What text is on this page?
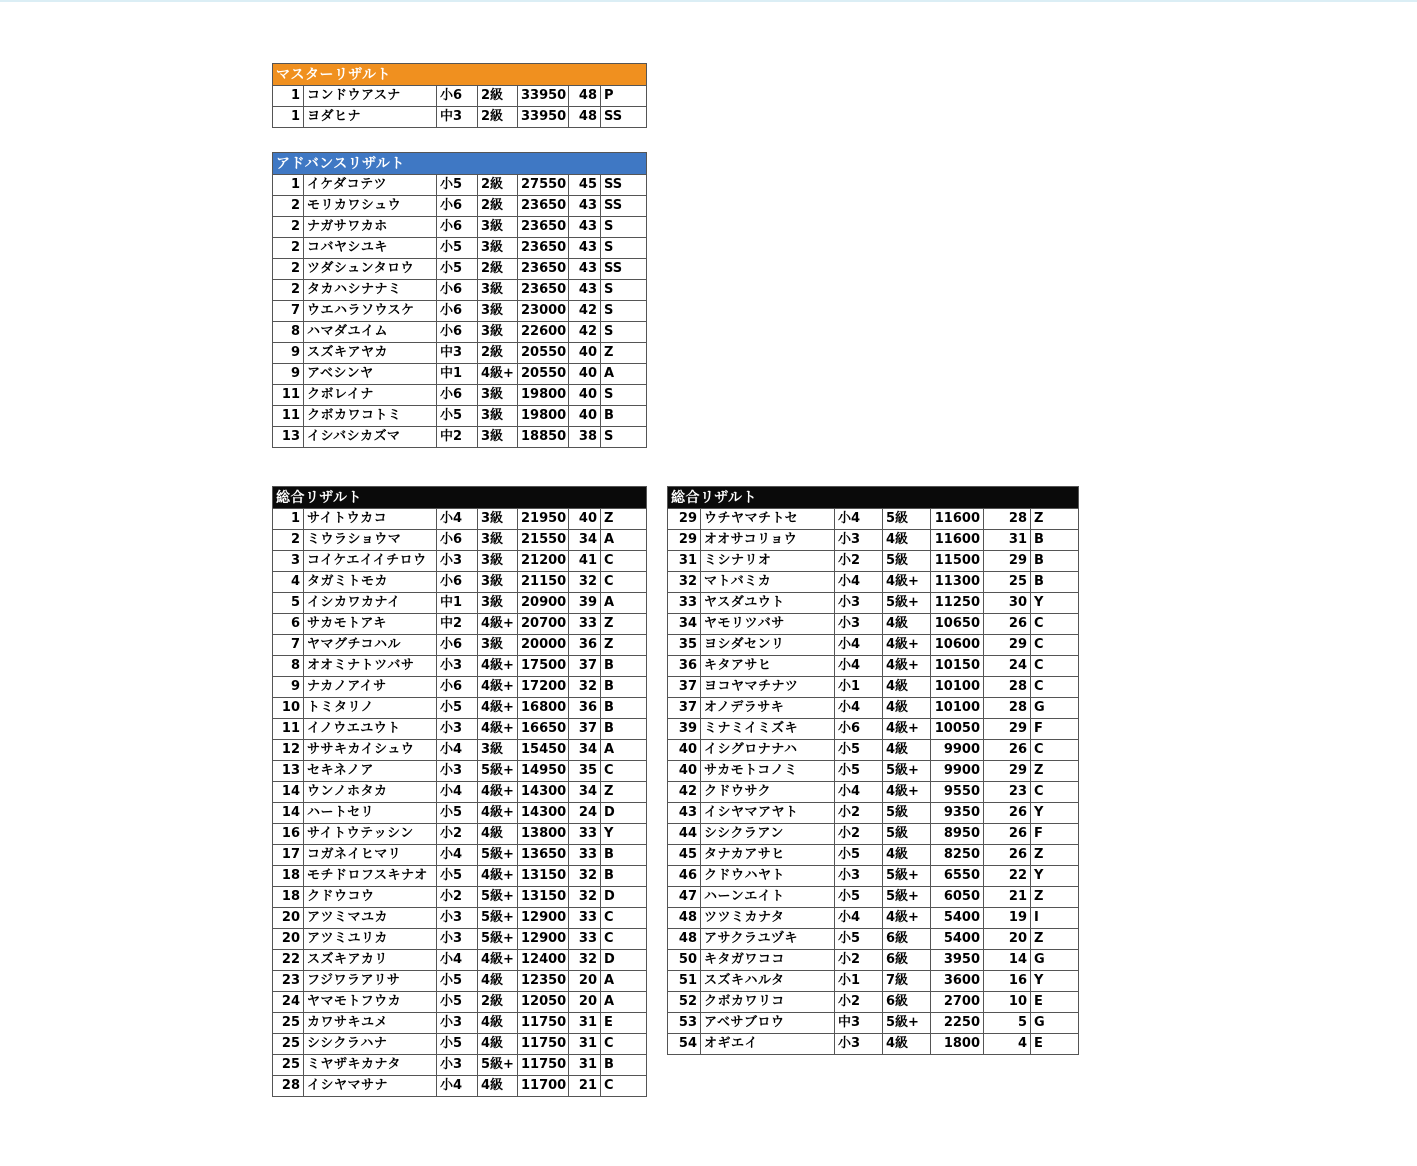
マスターリザルト						
1	コンドウアスナ	小6	2級	33950	48	P
1	ヨダヒナ	中3	2級	33950	48	SS
アドバンスリザルト						
1	イケダコテツ	小5	2級	27550	45	SS
2	モリカワシュウ	小6	2級	23650	43	SS
2	ナガサワカホ	小6	3級	23650	43	S
2	コバヤシユキ	小5	3級	23650	43	S
2	ツダシュンタロウ	小5	2級	23650	43	SS
2	タカハシナナミ	小6	3級	23650	43	S
7	ウエハラソウスケ	小6	3級	23000	42	S
8	ハマダユイム	小6	3級	22600	42	S
9	スズキアヤカ	中3	2級	20550	40	Z
9	アベシンヤ	中1	4級+	20550	40	A
11	クボレイナ	小6	3級	19800	40	S
11	クボカワコトミ	小5	3級	19800	40	B
13	イシバシカズマ	中2	3級	18850	38	S
総合リザルト						
1	サイトウカコ	小4	3級	21950	40	Z
2	ミウラショウマ	小6	3級	21550	34	A
3	コイケエイイチロウ	小3	3級	21200	41	C
4	タガミトモカ	小6	3級	21150	32	C
5	イシカワカナイ	中1	3級	20900	39	A
6	サカモトアキ	中2	4級+	20700	33	Z
7	ヤマグチコハル	小6	3級	20000	36	Z
8	オオミナトツバサ	小3	4級+	17500	37	B
9	ナカノアイサ	小6	4級+	17200	32	B
10	トミタリノ	小5	4級+	16800	36	B
11	イノウエユウト	小3	4級+	16650	37	B
12	ササキカイシュウ	小4	3級	15450	34	A
13	セキネノア	小3	5級+	14950	35	C
14	ウンノホタカ	小4	4級+	14300	34	Z
14	ハートセリ	小5	4級+	14300	24	D
16	サイトウテッシン	小2	4級	13800	33	Y
17	コガネイヒマリ	小4	5級+	13650	33	B
18	モチドロフスキナオ	小5	4級+	13150	32	B
18	クドウコウ	小2	5級+	13150	32	D
20	アツミマユカ	小3	5級+	12900	33	C
20	アツミユリカ	小3	5級+	12900	33	C
22	スズキアカリ	小4	4級+	12400	32	D
23	フジワラアリサ	小5	4級	12350	20	A
24	ヤマモトフウカ	小5	2級	12050	20	A
25	カワサキユメ	小3	4級	11750	31	E
25	シシクラハナ	小5	4級	11750	31	C
25	ミヤザキカナタ	小3	5級+	11750	31	B
28	イシヤマサナ	小4	4級	11700	21	C
総合リザルト						
29	ウチヤマチトセ	小4	5級	11600	28	Z
29	オオサコリョウ	小3	4級	11600	31	B
31	ミシナリオ	小2	5級	11500	29	B
32	マトバミカ	小4	4級+	11300	25	B
33	ヤスダユウト	小3	5級+	11250	30	Y
34	ヤモリツバサ	小3	4級	10650	26	C
35	ヨシダセンリ	小4	4級+	10600	29	C
36	キタアサヒ	小4	4級+	10150	24	C
37	ヨコヤマチナツ	小1	4級	10100	28	C
37	オノデラサキ	小4	4級	10100	28	G
39	ミナミイミズキ	小6	4級+	10050	29	F
40	イシグロナナハ	小5	4級	9900	26	C
40	サカモトコノミ	小5	5級+	9900	29	Z
42	クドウサク	小4	4級+	9550	23	C
43	イシヤマアヤト	小2	5級	9350	26	Y
44	シシクラアン	小2	5級	8950	26	F
45	タナカアサヒ	小5	4級	8250	26	Z
46	クドウハヤト	小3	5級+	6550	22	Y
47	ハーンエイト	小5	5級+	6050	21	Z
48	ツツミカナタ	小4	4級+	5400	19	I
48	アサクラユヅキ	小5	6級	5400	20	Z
50	キタガワココ	小2	6級	3950	14	G
51	スズキハルタ	小1	7級	3600	16	Y
52	クボカワリコ	小2	6級	2700	10	E
53	アベサブロウ	中3	5級+	2250	5	G
54	オギエイ	小3	4級	1800	4	E
